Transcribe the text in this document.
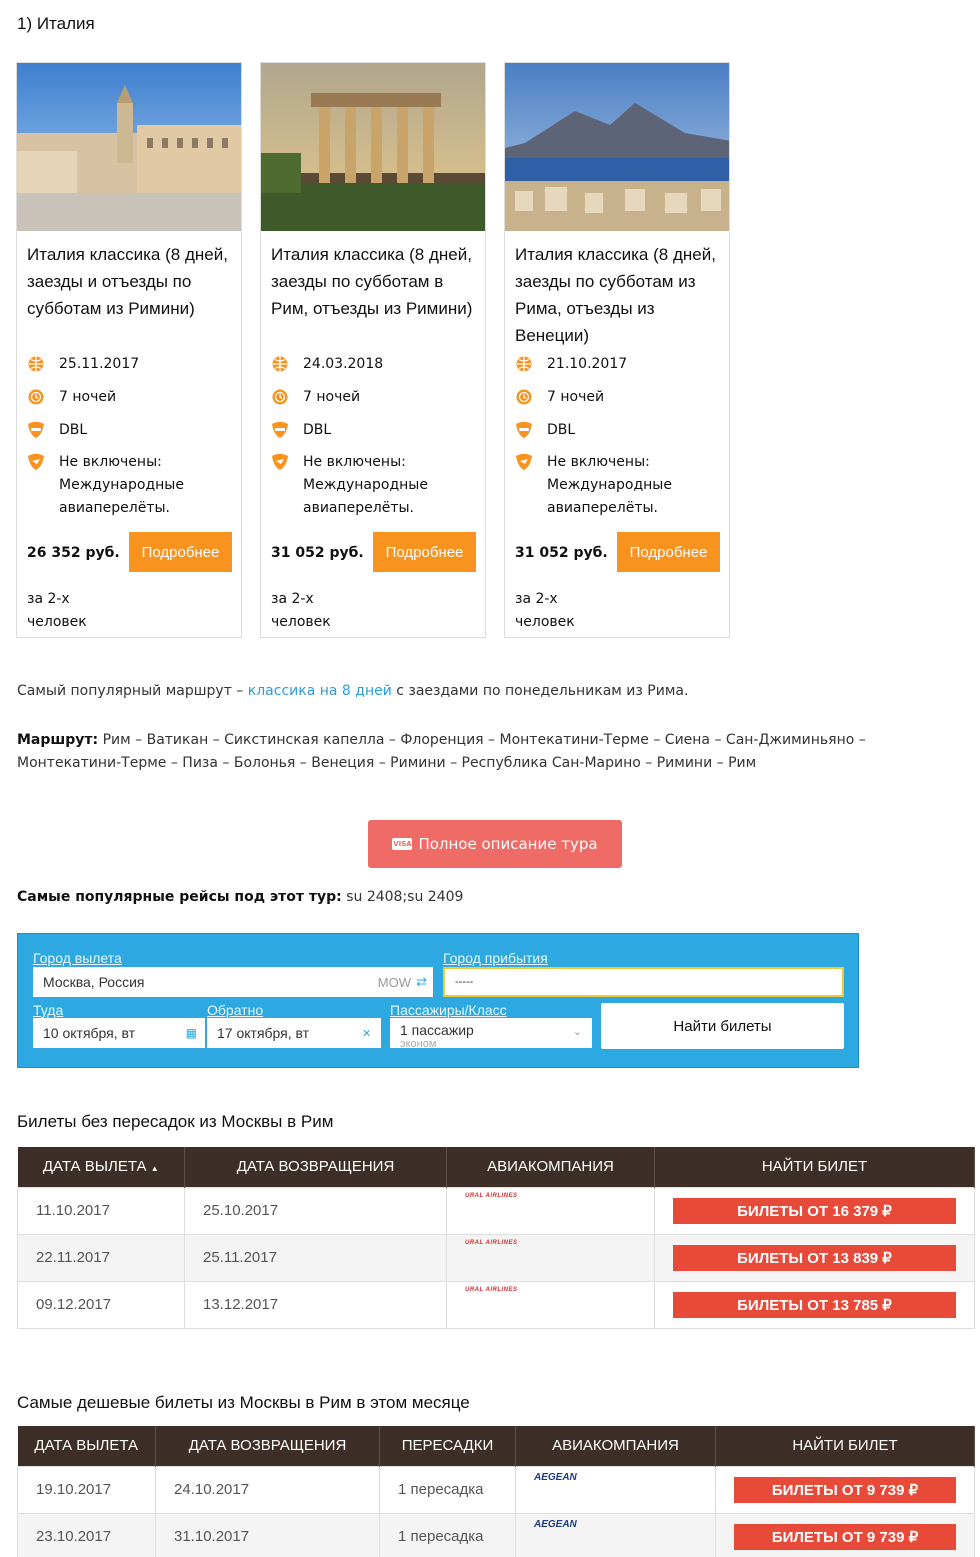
1) Италия
Италия классика (8 дней, заезды и отъезды по субботам из Римини)
25.11.2017
7 ночей
DBL
Не включены: Международные авиаперелёты.
26 352 руб.
за 2-х человек
Подробнее
Италия классика (8 дней, заезды по субботам в Рим, отъезды из Римини)
24.03.2018
7 ночей
DBL
Не включены: Международные авиаперелёты.
31 052 руб.
за 2-х человек
Подробнее
Италия классика (8 дней, заезды по субботам из Рима, отъезды из Венеции)
21.10.2017
7 ночей
DBL
Не включены: Международные авиаперелёты.
31 052 руб.
за 2-х человек
Подробнее
Самый популярный маршрут – классика на 8 дней с заездами по понедельникам из Рима.
Маршрут: Рим – Ватикан – Сикстинская капелла – Флоренция – Монтекатини-Терме – Сиена – Сан-Джиминьяно – Монтекатини-Терме – Пиза – Болонья – Венеция – Римини – Республика Сан-Марино – Римини – Рим
VISA Полное описание тура
Самые популярные рейсы под этот тур: su 2408;su 2409
Город вылета
Москва, Россия	MOW ⇄
Город прибытия
-----
Туда
10 октября, вт	▦
Обратно
17 октября, вт	×
Пассажиры/Класс
1 пассажир
эконом
⌄	Найти билеты
Билеты без пересадок из Москвы в Рим
ДАТА ВЫЛЕТА ▲	ДАТА ВОЗВРАЩЕНИЯ	АВИАКОМПАНИЯ	НАЙТИ БИЛЕТ
11.10.2017	25.10.2017	URAL AIRLINES	БИЛЕТЫ ОТ 16 379 ₽

22.11.2017	25.11.2017	URAL AIRLINES	БИЛЕТЫ ОТ 13 839 ₽

09.12.2017	13.12.2017	URAL AIRLINES	БИЛЕТЫ ОТ 13 785 ₽
Самые дешевые билеты из Москвы в Рим в этом месяце
ДАТА ВЫЛЕТА	ДАТА ВОЗВРАЩЕНИЯ	ПЕРЕСАДКИ	АВИАКОМПАНИЯ	НАЙТИ БИЛЕТ
19.10.2017	24.10.2017	1 пересадка	AEGEAN	БИЛЕТЫ ОТ 9 739 ₽

23.10.2017	31.10.2017	1 пересадка	AEGEAN	БИЛЕТЫ ОТ 9 739 ₽
